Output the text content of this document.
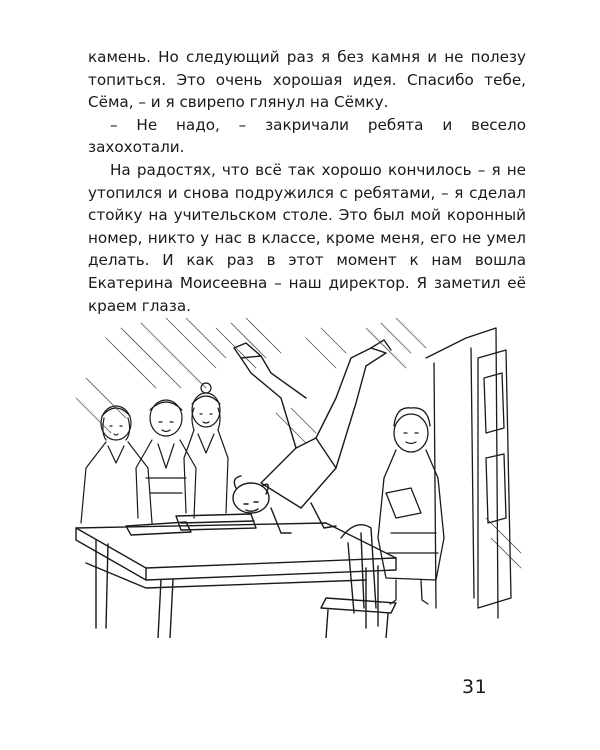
камень. Но следующий раз я без камня и не полезу топиться. Это очень хорошая идея. Спасибо тебе, Сёма, – и я свирепо глянул на Сёмку.

– Не надо, – закричали ребята и весело захохотали.

На радостях, что всё так хорошо кончилось – я не утопился и снова подружился с ребятами, – я сделал стойку на учительском столе. Это был мой коронный номер, никто у нас в классе, кроме меня, его не умел делать. И как раз в этот момент к нам вошла Екатерина Моисеевна – наш директор. Я заметил её краем глаза.

31
